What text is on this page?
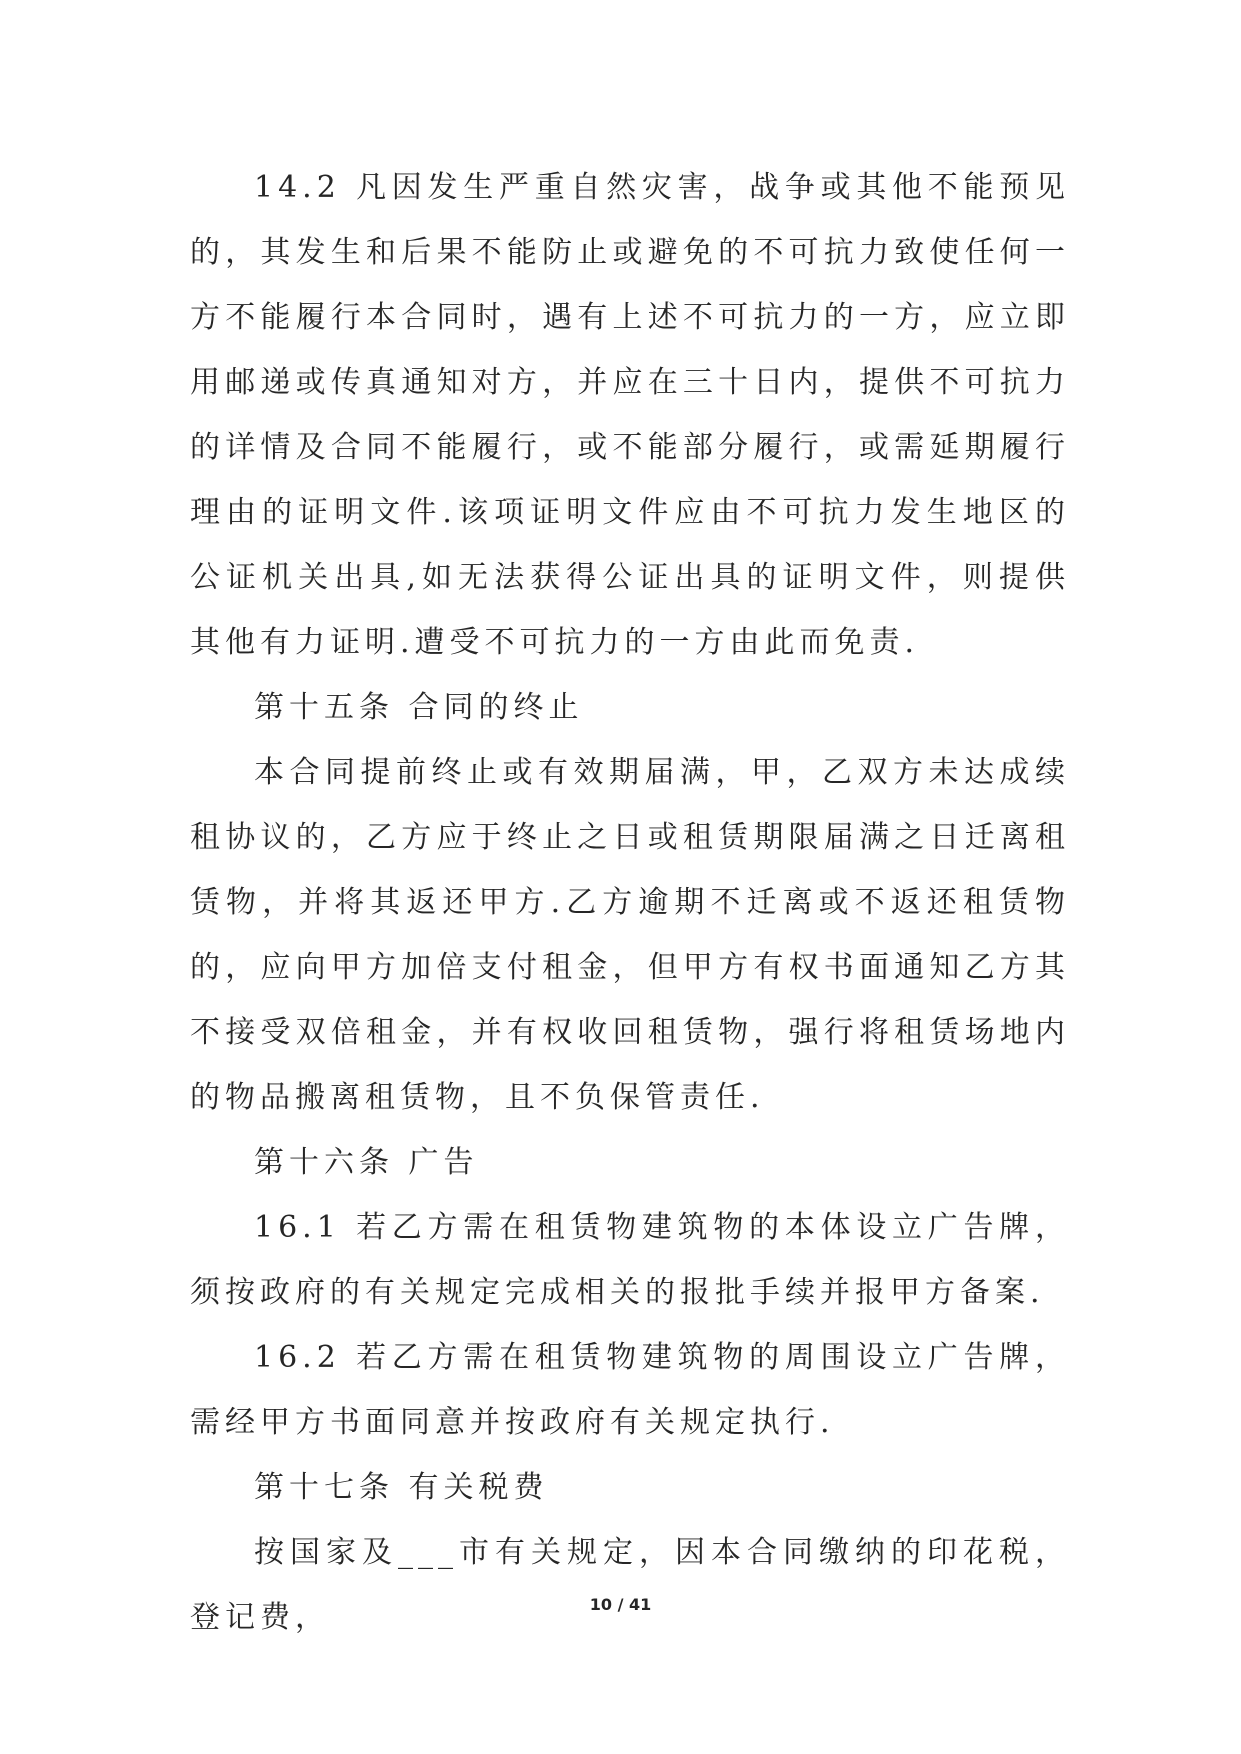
14.2 凡因发生严重自然灾害，战争或其他不能预见的，其发生和后果不能防止或避免的不可抗力致使任何一方不能履行本合同时，遇有上述不可抗力的一方，应立即用邮递或传真通知对方，并应在三十日内，提供不可抗力的详情及合同不能履行，或不能部分履行，或需延期履行理由的证明文件.该项证明文件应由不可抗力发生地区的公证机关出具,如无法获得公证出具的证明文件，则提供其他有力证明.遭受不可抗力的一方由此而免责.

第十五条 合同的终止

本合同提前终止或有效期届满，甲，乙双方未达成续租协议的，乙方应于终止之日或租赁期限届满之日迁离租赁物，并将其返还甲方.乙方逾期不迁离或不返还租赁物的，应向甲方加倍支付租金，但甲方有权书面通知乙方其不接受双倍租金，并有权收回租赁物，强行将租赁场地内的物品搬离租赁物，且不负保管责任.

第十六条 广告

16.1 若乙方需在租赁物建筑物的本体设立广告牌，须按政府的有关规定完成相关的报批手续并报甲方备案.

16.2 若乙方需在租赁物建筑物的周围设立广告牌，需经甲方书面同意并按政府有关规定执行.

第十七条 有关税费

按国家及___市有关规定，因本合同缴纳的印花税，登记费，	10 / 41
